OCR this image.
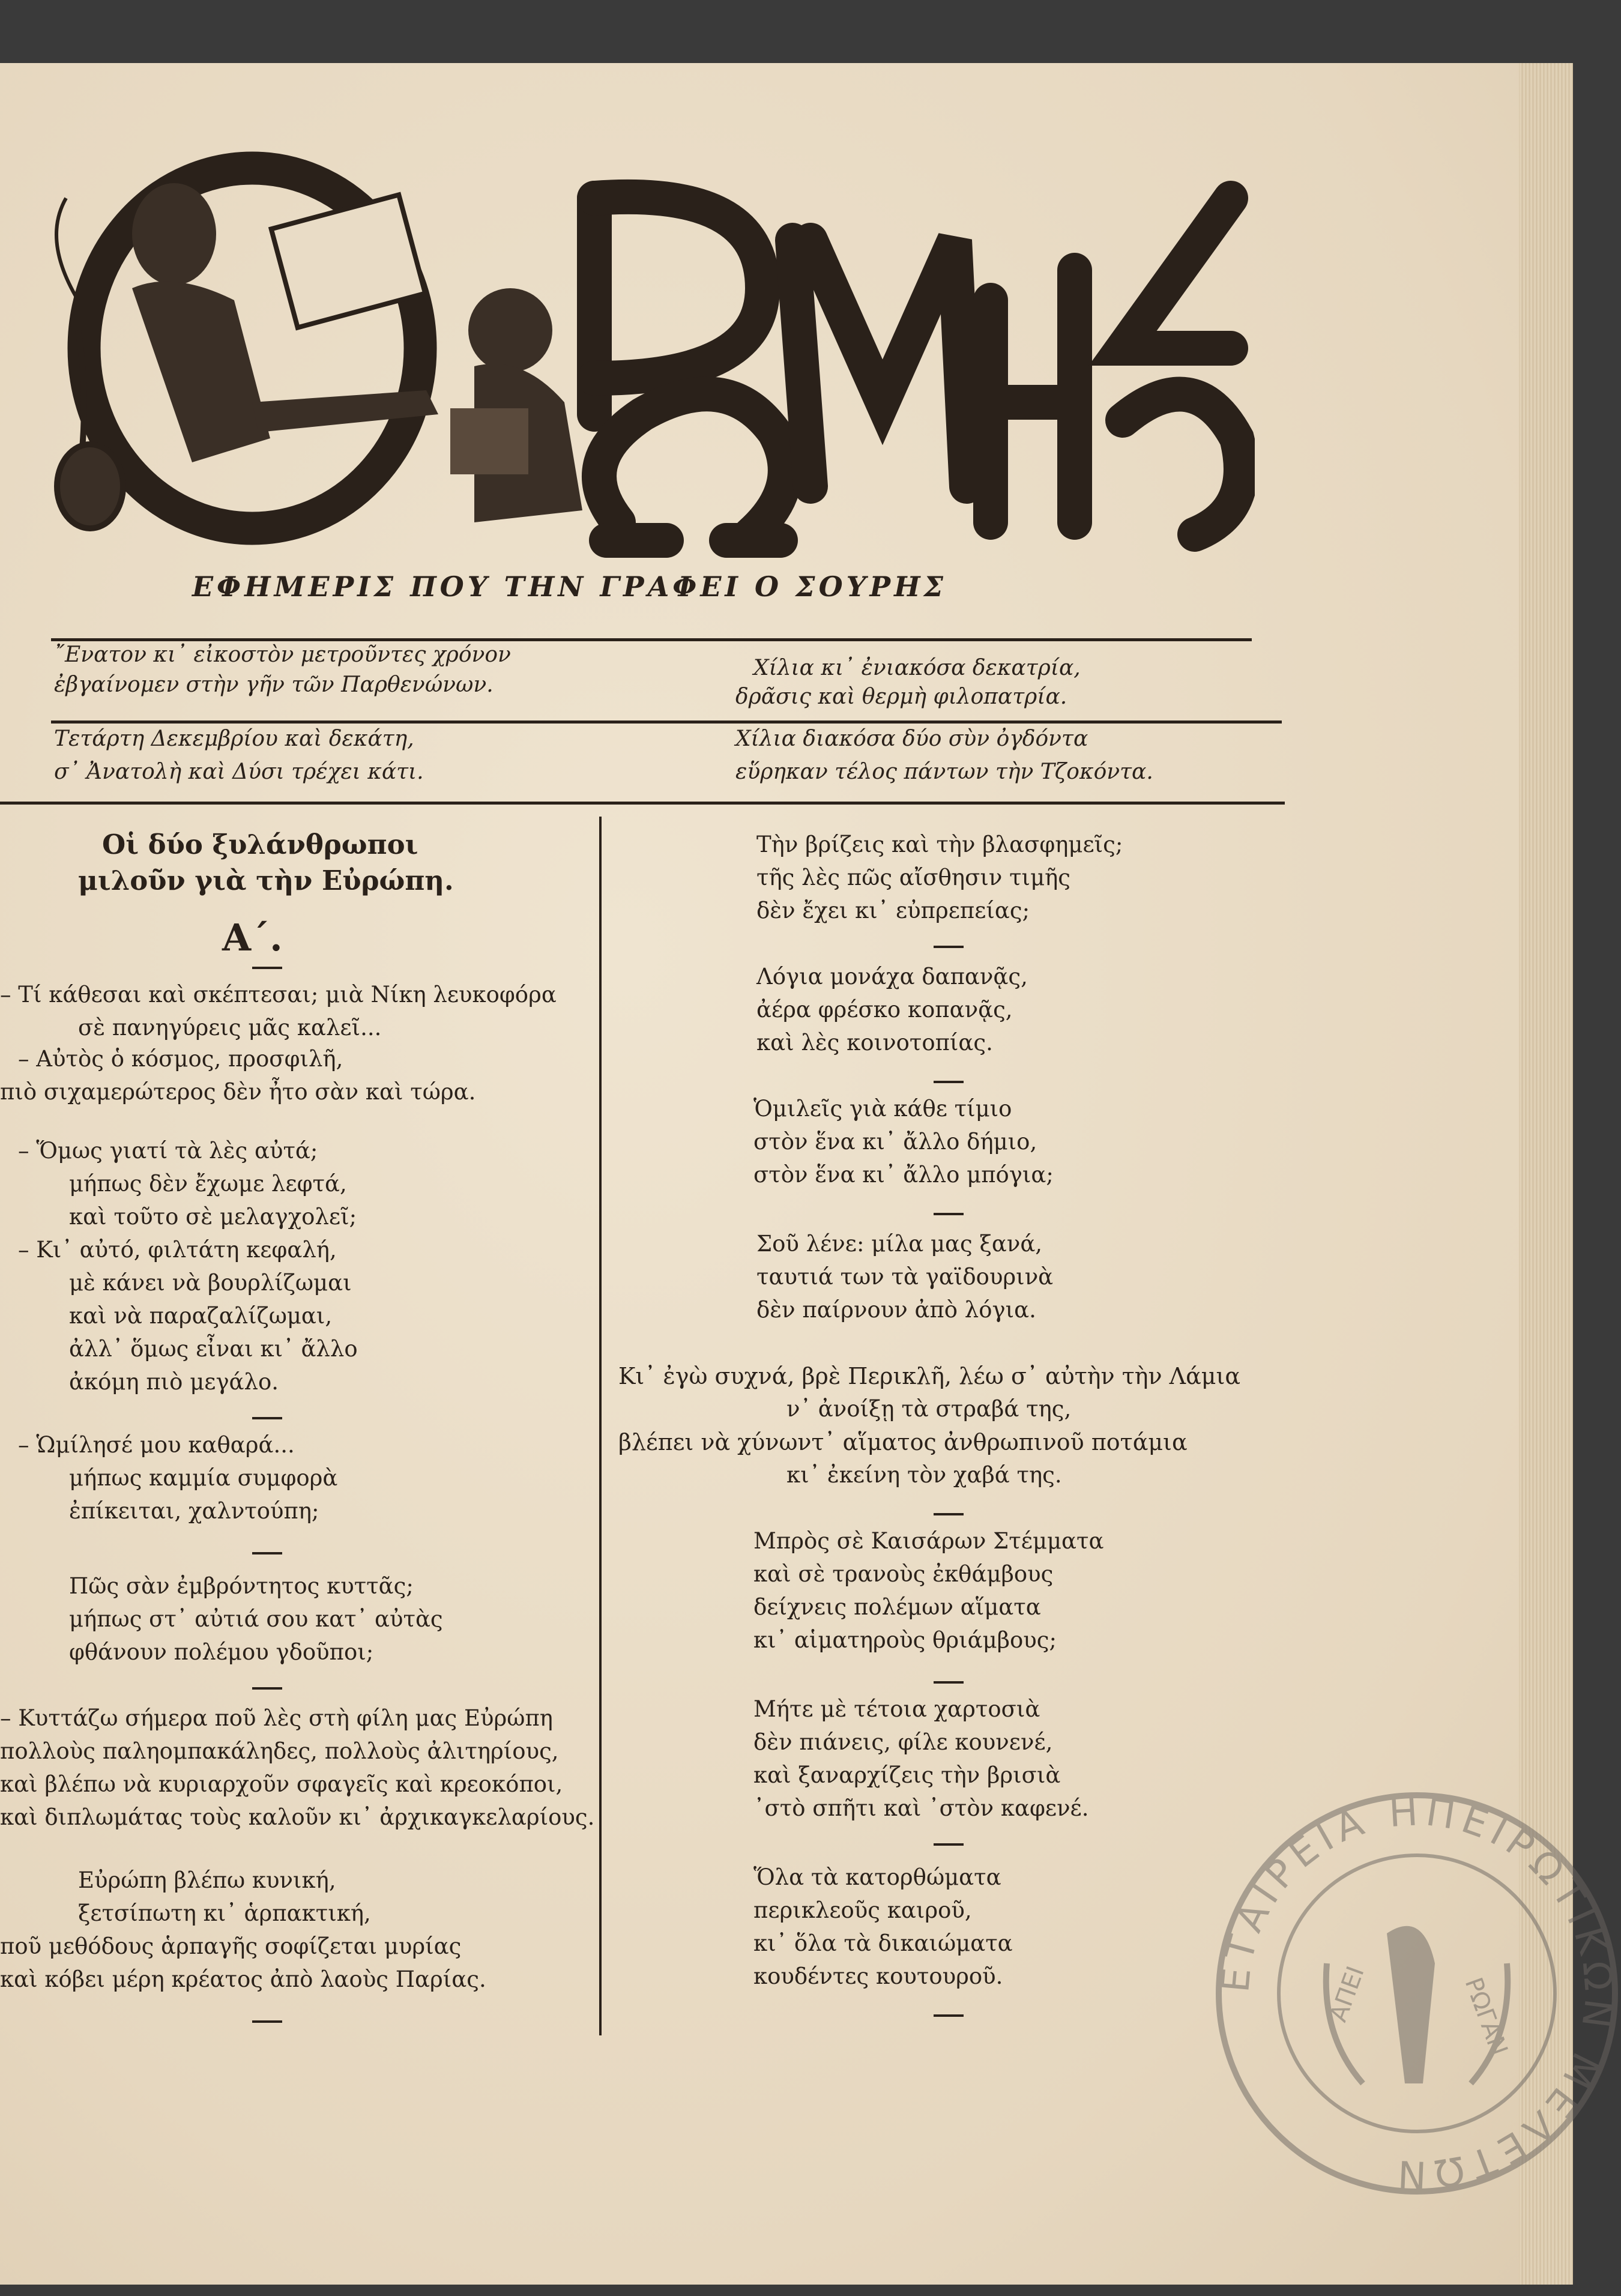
ΕΦΗΜΕΡΙΣ ΠΟΥ ΤΗΝ ΓΡΑΦΕΙ Ο ΣΟΥΡΗΣ
῎Ενατον κι᾿ εἰκοστὸν μετροῦντες χρόνον
ἐβγαίνομεν στὴν γῆν τῶν Παρθενώνων.
Χίλια κι᾿ ἐνιακόσα δεκατρία,
δρᾶσις καὶ θερμὴ φιλοπατρία.
Τετάρτη Δεκεμβρίου καὶ δεκάτη,
σ᾿ Ἀνατολὴ καὶ Δύσι τρέχει κάτι.
Χίλια διακόσα δύο σὺν ὀγδόντα
εὕρηκαν τέλος πάντων τὴν Τζοκόντα.
Οἱ δύο ξυλάνθρωποι
μιλοῦν γιὰ τὴν Εὐρώπη.
Α΄.
– Τί κάθεσαι καὶ σκέπτεσαι; μιὰ Νίκη λευκοφόρα
σὲ πανηγύρεις μᾶς καλεῖ...
– Αὐτὸς ὁ κόσμος, προσφιλῆ,
πιὸ σιχαμερώτερος δὲν ἦτο σὰν καὶ τώρα.
– Ὅμως γιατί τὰ λὲς αὐτά;
μήπως δὲν ἔχωμε λεφτά,
καὶ τοῦτο σὲ μελαγχολεῖ;
– Κι᾿ αὐτό, φιλτάτη κεφαλή,
μὲ κάνει νὰ βουρλίζωμαι
καὶ νὰ παραζαλίζωμαι,
ἀλλ᾿ ὅμως εἶναι κι᾿ ἄλλο
ἀκόμη πιὸ μεγάλο.
– Ὡμίλησέ μου καθαρά...
μήπως καμμία συμφορὰ
ἐπίκειται, χαλντούπη;
Πῶς σὰν ἐμβρόντητος κυττᾶς;
μήπως στ᾿ αὐτιά σου κατ᾿ αὐτὰς
φθάνουν πολέμου γδοῦποι;
– Κυττάζω σήμερα ποῦ λὲς στὴ φίλη μας Εὐρώπη
πολλοὺς παληομπακάληδες, πολλοὺς ἀλιτηρίους,
καὶ βλέπω νὰ κυριαρχοῦν σφαγεῖς καὶ κρεοκόποι,
καὶ διπλωμάτας τοὺς καλοῦν κι᾿ ἀρχικαγκελαρίους.
Εὐρώπη βλέπω κυνική,
ξετσίπωτη κι᾿ ἁρπακτική,
ποῦ μεθόδους ἁρπαγῆς σοφίζεται μυρίας
καὶ κόβει μέρη κρέατος ἀπὸ λαοὺς Παρίας.
Τὴν βρίζεις καὶ τὴν βλασφημεῖς;
τῆς λὲς πῶς αἴσθησιν τιμῆς
δὲν ἔχει κι᾿ εὐπρεπείας;
Λόγια μονάχα δαπανᾷς,
ἀέρα φρέσκο κοπανᾷς,
καὶ λὲς κοινοτοπίας.
Ὁμιλεῖς γιὰ κάθε τίμιο
στὸν ἕνα κι᾿ ἄλλο δήμιο,
στὸν ἕνα κι᾿ ἄλλο μπόγια;
Σοῦ λένε: μίλα μας ξανά,
ταυτιά των τὰ γαϊδουρινὰ
δὲν παίρνουν ἀπὸ λόγια.
Κι᾿ ἐγὼ συχνά, βρὲ Περικλῆ, λέω σ᾿ αὐτὴν τὴν Λάμια
ν᾿ ἀνοίξῃ τὰ στραβά της,
βλέπει νὰ χύνωντ᾿ αἵματος ἀνθρωπινοῦ ποτάμια
κι᾿ ἐκείνη τὸν χαβά της.
Μπρὸς σὲ Καισάρων Στέμματα
καὶ σὲ τρανοὺς ἐκθάμβους
δείχνεις πολέμων αἵματα
κι᾿ αἱματηροὺς θριάμβους;
Μήτε μὲ τέτοια χαρτοσιὰ
δὲν πιάνεις, φίλε κουνενέ,
καὶ ξαναρχίζεις τὴν βρισιὰ
᾿στὸ σπῆτι καὶ ᾿στὸν καφενέ.
Ὅλα τὰ κατορθώματα
περικλεοῦς καιροῦ,
κι᾿ ὅλα τὰ δικαιώματα
κουδέντες κουτουροῦ.	ΕΤΑΙΡΕΙΑ ΗΠΕΙΡΩΤΙΚΩΝ ΜΕΛΕΤΩΝ
ΑΠΕΙ	ΡΩΓΑΝ
